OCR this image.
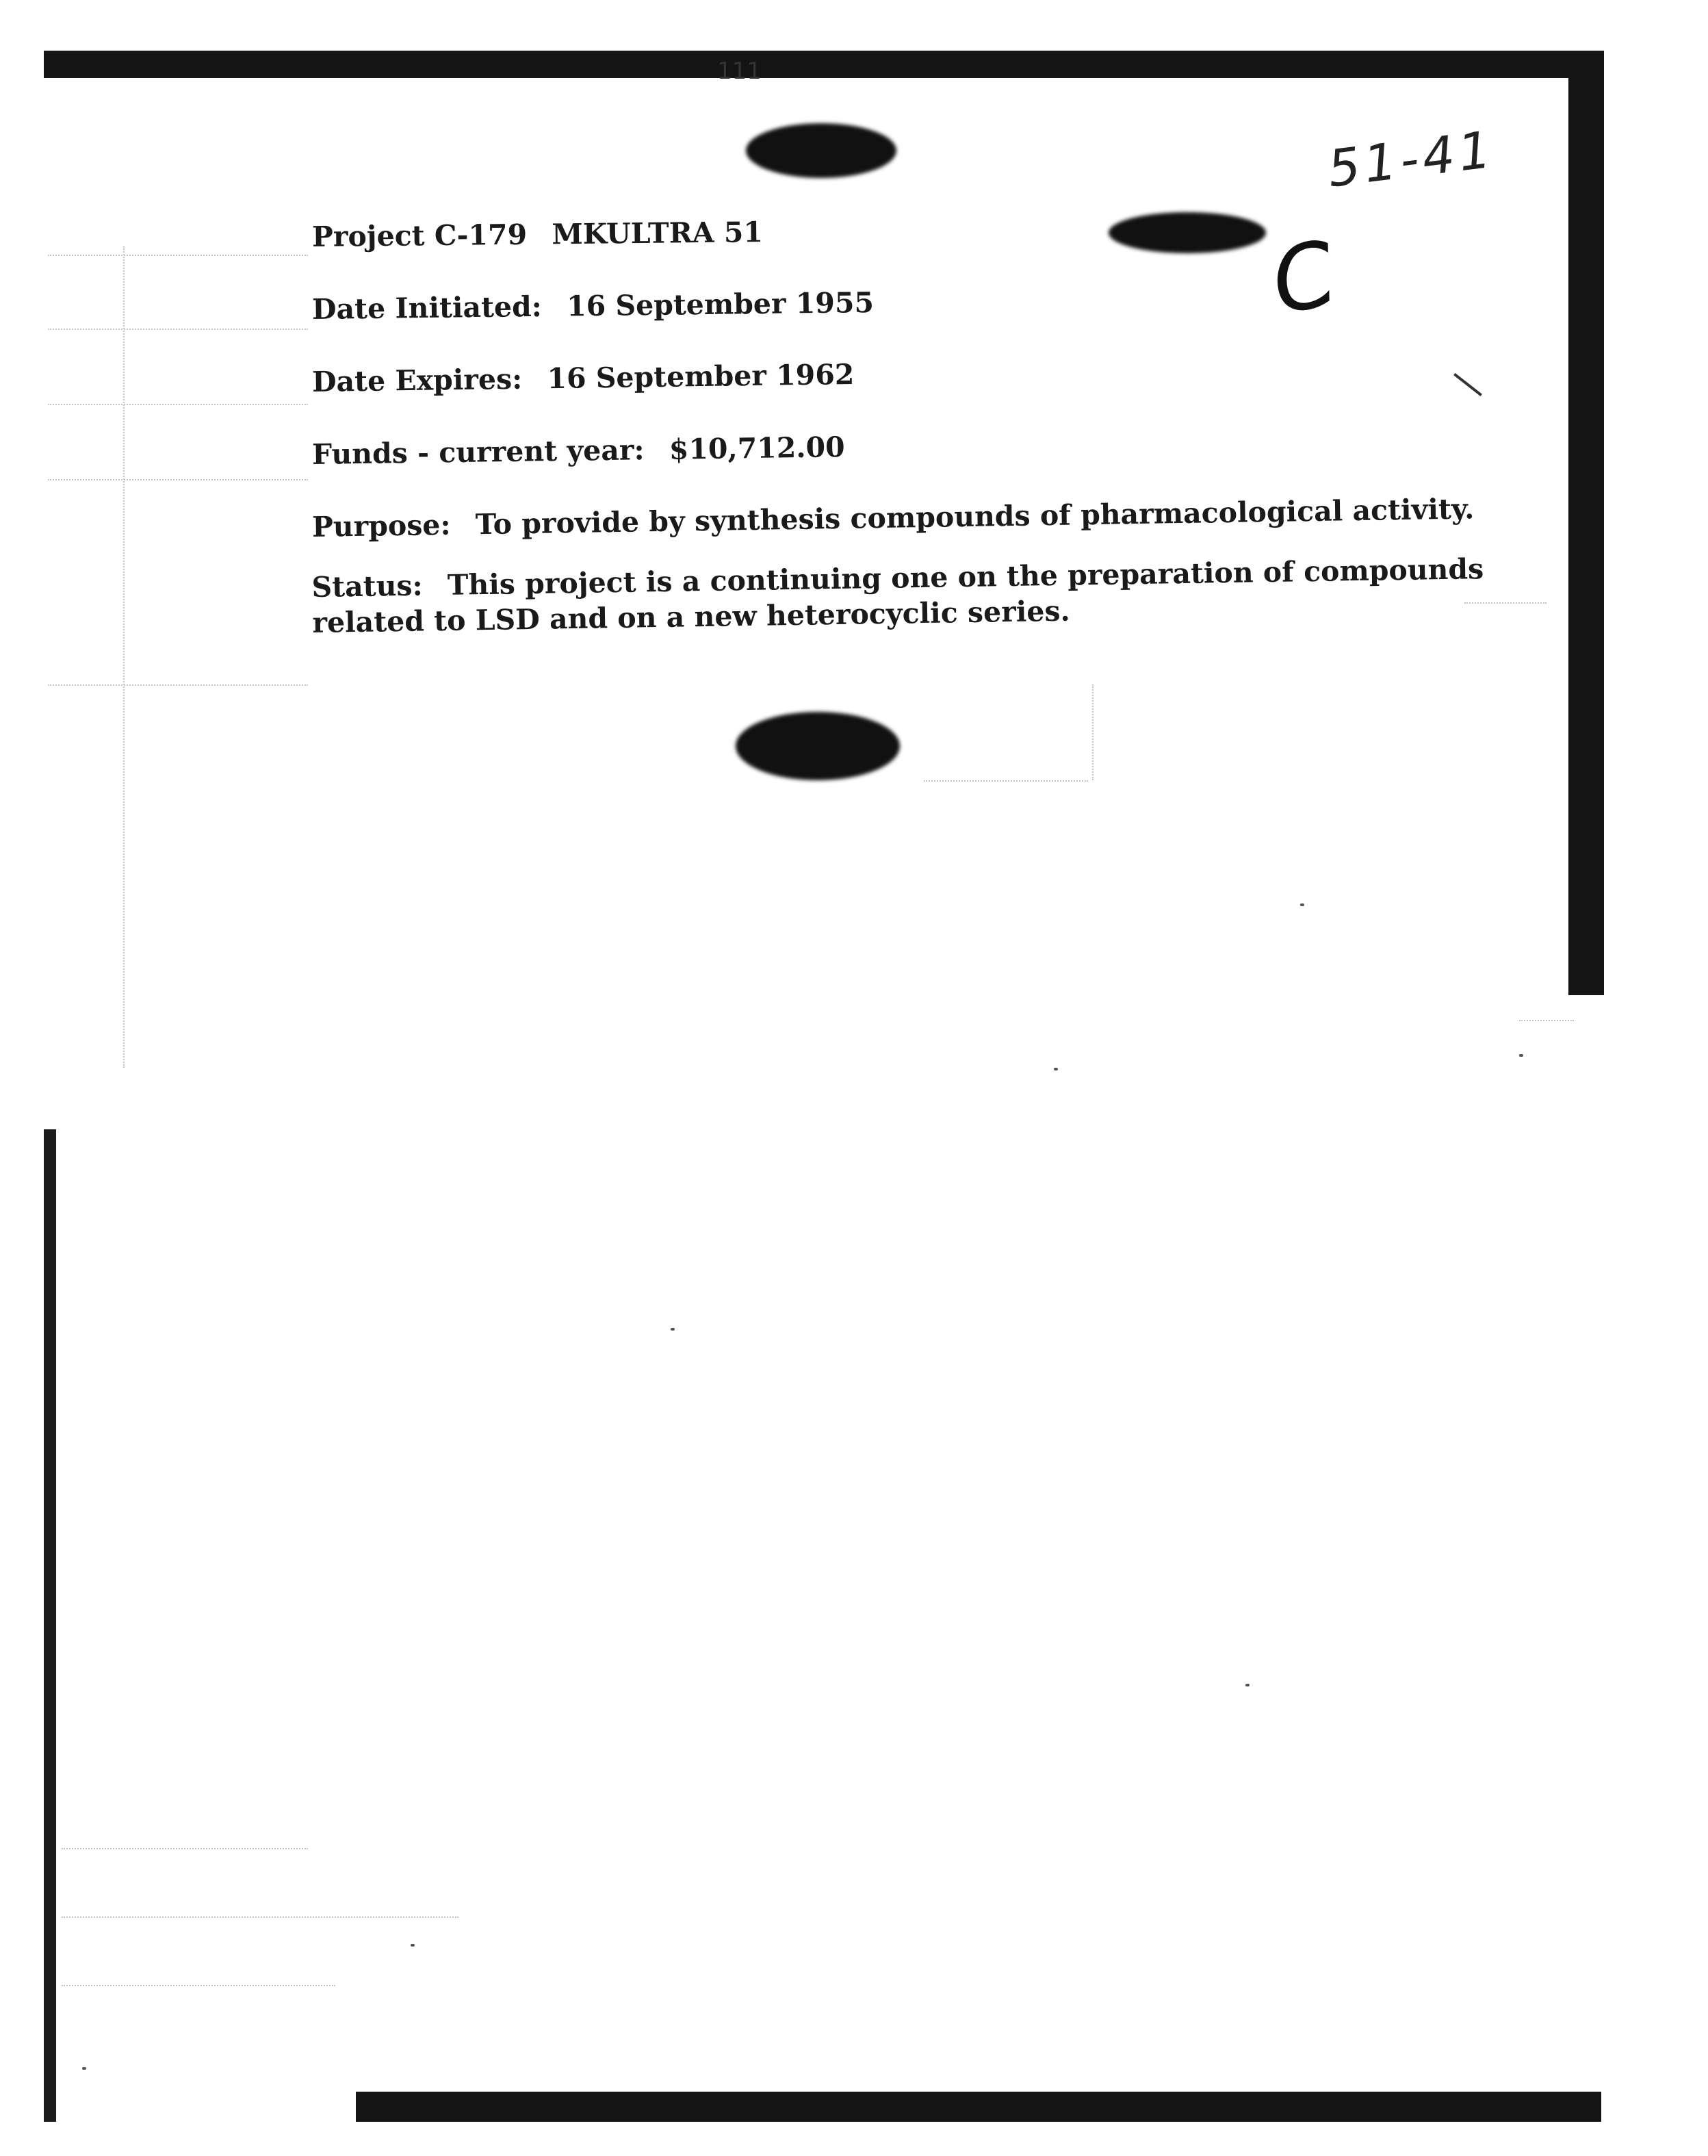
111
51-41
C

Project C-179 MKULTRA 51

Date Initiated: 16 September 1955

Date Expires: 16 September 1962

Funds - current year: $10,712.00

Purpose: To provide by synthesis compounds of pharmacological activity.

Status: This project is a continuing one on the preparation of compounds related to LSD and on a new heterocyclic series.
